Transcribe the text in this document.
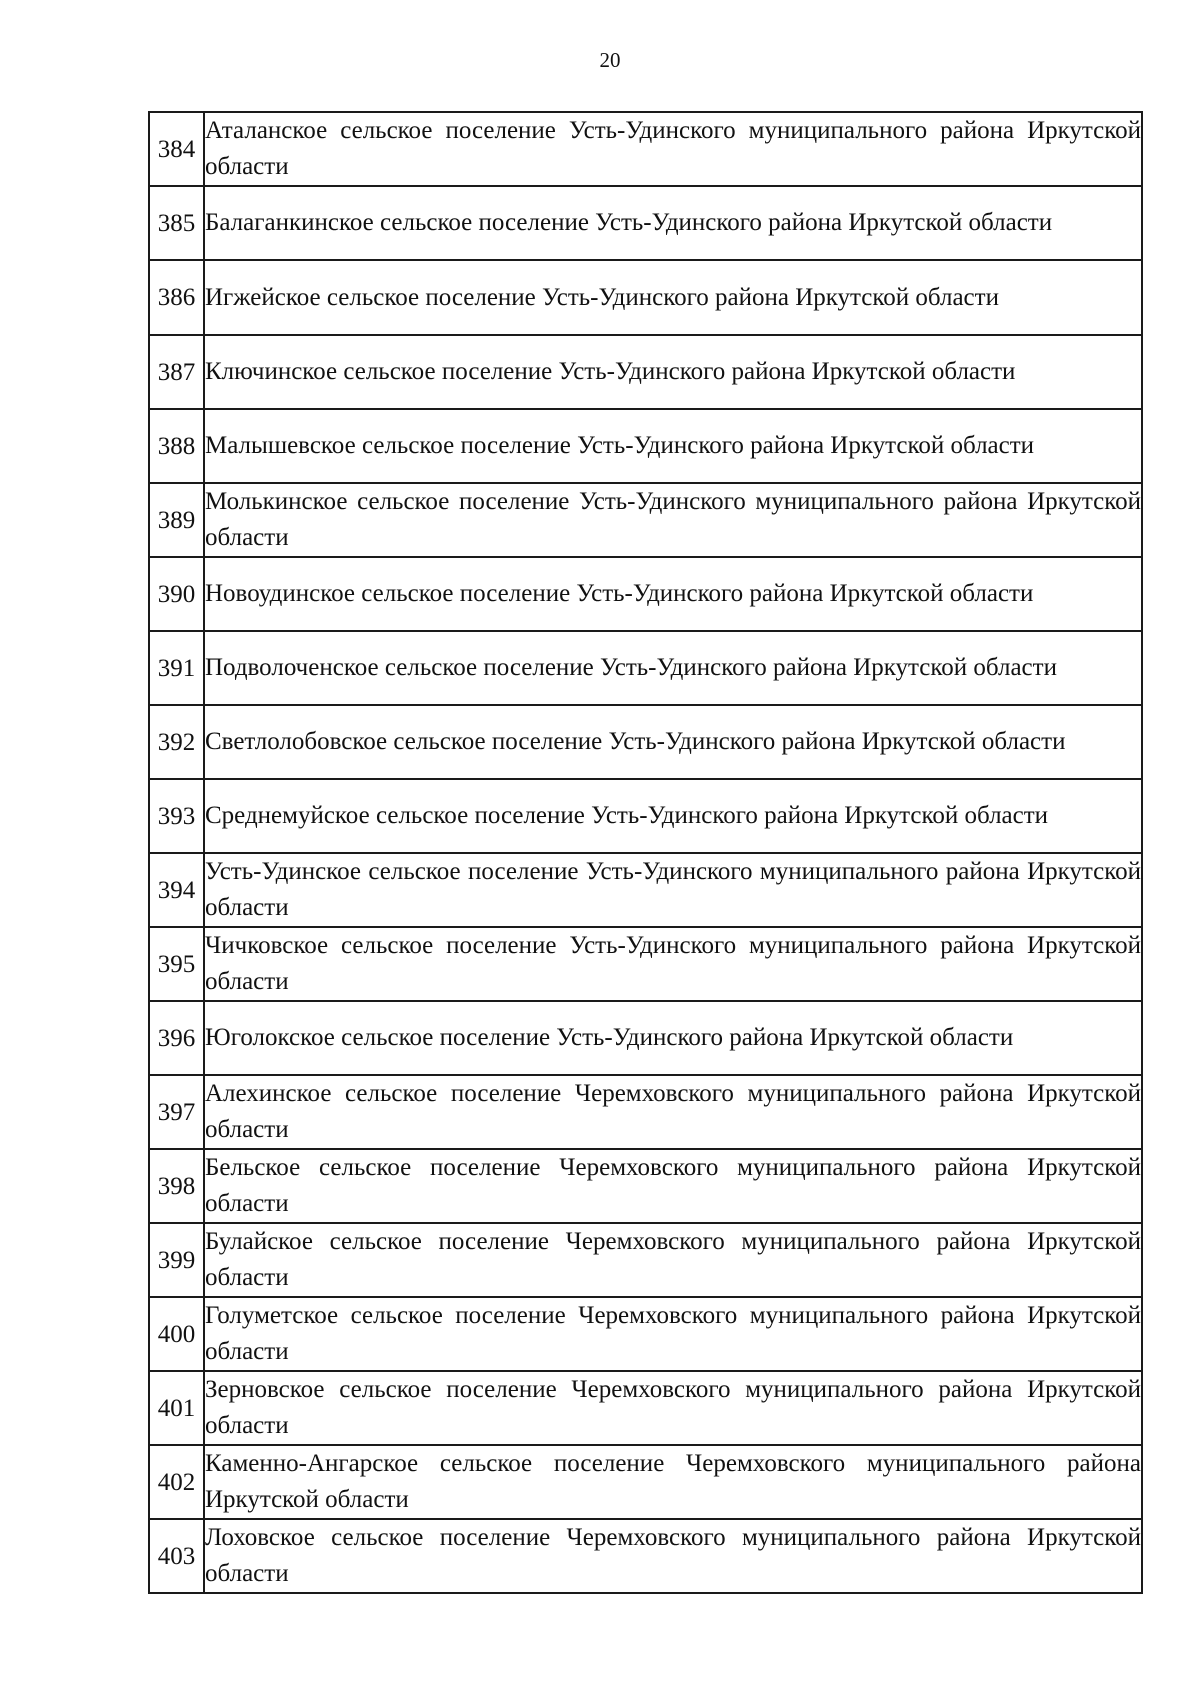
20
384	Аталанское сельское поселение Усть-Удинского муниципального района Иркутской области
385	Балаганкинское сельское поселение Усть-Удинского района Иркутской области
386	Игжейское сельское поселение Усть-Удинского района Иркутской области
387	Ключинское сельское поселение Усть-Удинского района Иркутской области
388	Малышевское сельское поселение Усть-Удинского района Иркутской области
389	Молькинское сельское поселение Усть-Удинского муниципального района Иркутской области
390	Новоудинское сельское поселение Усть-Удинского района Иркутской области
391	Подволоченское сельское поселение Усть-Удинского района Иркутской области
392	Светлолобовское сельское поселение Усть-Удинского района Иркутской области
393	Среднемуйское сельское поселение Усть-Удинского района Иркутской области
394	Усть-Удинское сельское поселение Усть-Удинского муниципального района Иркутской области
395	Чичковское сельское поселение Усть-Удинского муниципального района Иркутской области
396	Юголокское сельское поселение Усть-Удинского района Иркутской области
397	Алехинское сельское поселение Черемховского муниципального района Иркутской области
398	Бельское сельское поселение Черемховского муниципального района Иркутской области
399	Булайское сельское поселение Черемховского муниципального района Иркутской области
400	Голуметское сельское поселение Черемховского муниципального района Иркутской области
401	Зерновское сельское поселение Черемховского муниципального района Иркутской области
402	Каменно-Ангарское сельское поселение Черемховского муниципального района Иркутской области
403	Лоховское сельское поселение Черемховского муниципального района Иркутской области
